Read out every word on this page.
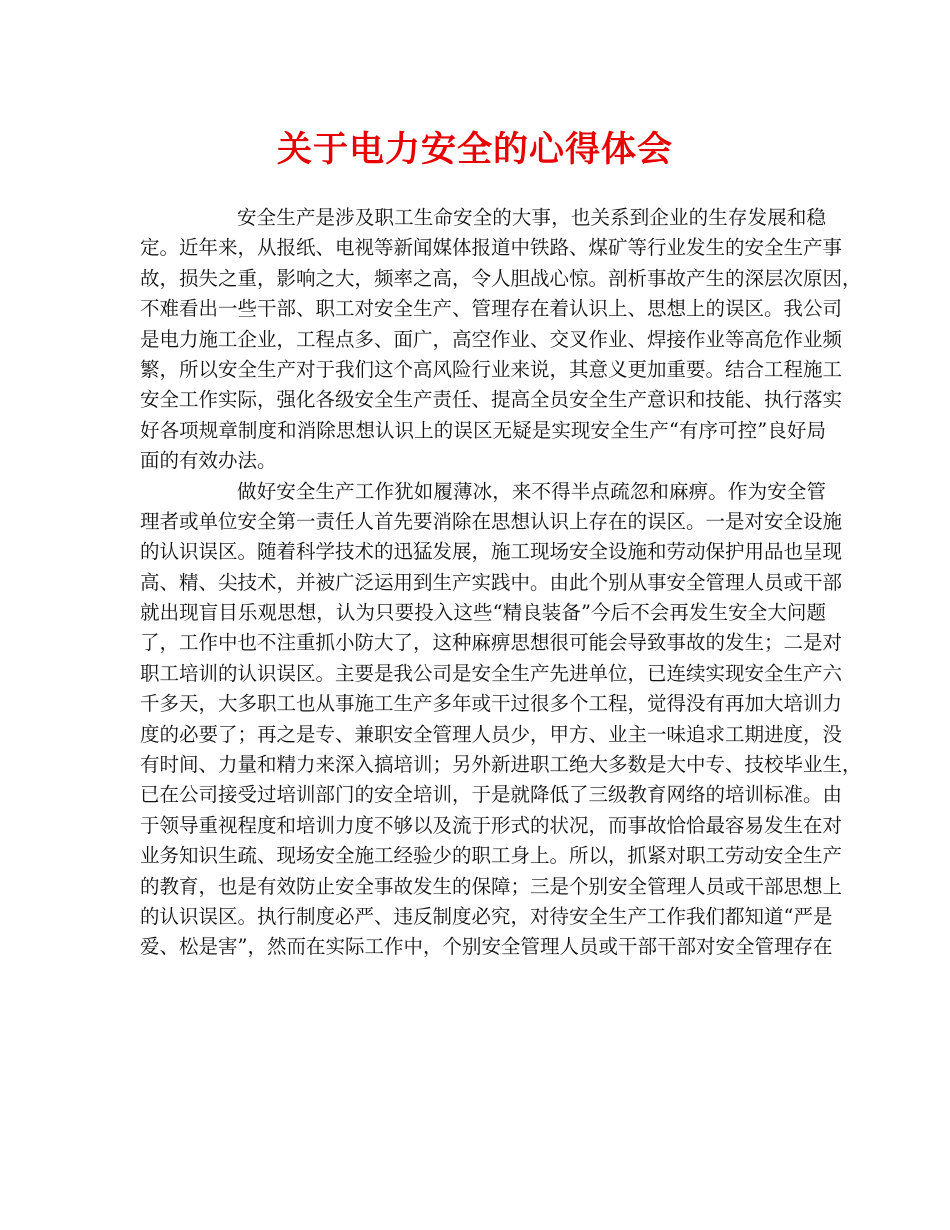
关于电力安全的心得体会
安全生产是涉及职工生命安全的大事，也关系到企业的生存发展和稳
定。近年来，从报纸、电视等新闻媒体报道中铁路、煤矿等行业发生的安全生产事
故，损失之重，影响之大，频率之高，令人胆战心惊。剖析事故产生的深层次原因，
不难看出一些干部、职工对安全生产、管理存在着认识上、思想上的误区。我公司
是电力施工企业，工程点多、面广，高空作业、交叉作业、焊接作业等高危作业频
繁，所以安全生产对于我们这个高风险行业来说，其意义更加重要。结合工程施工
安全工作实际，强化各级安全生产责任、提高全员安全生产意识和技能、执行落实
好各项规章制度和消除思想认识上的误区无疑是实现安全生产“有序可控”良好局
面的有效办法。
做好安全生产工作犹如履薄冰，来不得半点疏忽和麻痹。作为安全管
理者或单位安全第一责任人首先要消除在思想认识上存在的误区。一是对安全设施
的认识误区。随着科学技术的迅猛发展，施工现场安全设施和劳动保护用品也呈现
高、精、尖技术，并被广泛运用到生产实践中。由此个别从事安全管理人员或干部
就出现盲目乐观思想，认为只要投入这些“精良装备”今后不会再发生安全大问题
了，工作中也不注重抓小防大了，这种麻痹思想很可能会导致事故的发生；二是对
职工培训的认识误区。主要是我公司是安全生产先进单位，已连续实现安全生产六
千多天，大多职工也从事施工生产多年或干过很多个工程，觉得没有再加大培训力
度的必要了；再之是专、兼职安全管理人员少，甲方、业主一味追求工期进度，没
有时间、力量和精力来深入搞培训；另外新进职工绝大多数是大中专、技校毕业生，
已在公司接受过培训部门的安全培训，于是就降低了三级教育网络的培训标准。由
于领导重视程度和培训力度不够以及流于形式的状况，而事故恰恰最容易发生在对
业务知识生疏、现场安全施工经验少的职工身上。所以，抓紧对职工劳动安全生产
的教育，也是有效防止安全事故发生的保障；三是个别安全管理人员或干部思想上
的认识误区。执行制度必严、违反制度必究，对待安全生产工作我们都知道“严是
爱、松是害”，然而在实际工作中，个别安全管理人员或干部干部对安全管理存在
